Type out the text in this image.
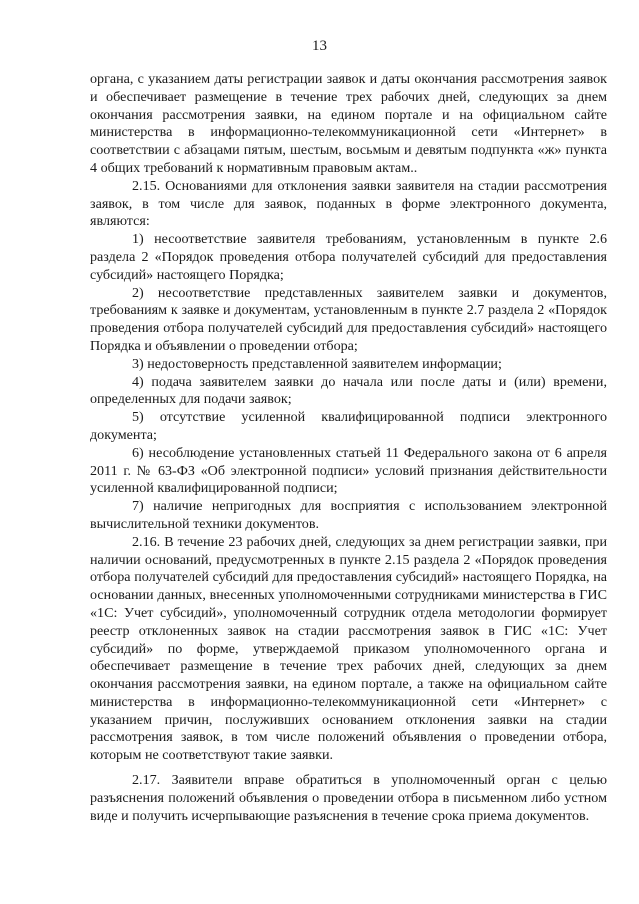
13

органа, с указанием даты регистрации заявок и даты окончания рассмотрения заявок и обеспечивает размещение в течение трех рабочих дней, следующих за днем окончания рассмотрения заявки, на едином портале и на официальном сайте министерства в информационно-телекоммуникационной сети «Интернет» в соответствии с абзацами пятым, шестым, восьмым и девятым подпункта «ж» пункта 4 общих требований к нормативным правовым актам..

2.15. Основаниями для отклонения заявки заявителя на стадии рассмотрения заявок, в том числе для заявок, поданных в форме электронного документа, являются:

1) несоответствие заявителя требованиям, установленным в пункте 2.6 раздела 2 «Порядок проведения отбора получателей субсидий для предоставления субсидий» настоящего Порядка;

2) несоответствие представленных заявителем заявки и документов, требованиям к заявке и документам, установленным в пункте 2.7 раздела 2 «Порядок проведения отбора получателей субсидий для предоставления субсидий» настоящего Порядка и объявлении о проведении отбора;

3) недостоверность представленной заявителем информации;

4) подача заявителем заявки до начала или после даты и (или) времени, определенных для подачи заявок;

5) отсутствие усиленной квалифицированной подписи электронного документа;

6) несоблюдение установленных статьей 11 Федерального закона от 6 апреля 2011 г. № 63-ФЗ «Об электронной подписи» условий признания действительности усиленной квалифицированной подписи;

7) наличие непригодных для восприятия с использованием электронной вычислительной техники документов.

2.16. В течение 23 рабочих дней, следующих за днем регистрации заявки, при наличии оснований, предусмотренных в пункте 2.15 раздела 2 «Порядок проведения отбора получателей субсидий для предоставления субсидий» настоящего Порядка, на основании данных, внесенных уполномоченными сотрудниками министерства в ГИС «1С: Учет субсидий», уполномоченный сотрудник отдела методологии формирует реестр отклоненных заявок на стадии рассмотрения заявок в ГИС «1С: Учет субсидий» по форме, утверждаемой приказом уполномоченного органа и обеспечивает размещение в течение трех рабочих дней, следующих за днем окончания рассмотрения заявки, на едином портале, а также на официальном сайте министерства в информационно-телекоммуникационной сети «Интернет» с указанием причин, послуживших основанием отклонения заявки на стадии рассмотрения заявок, в том числе положений объявления о проведении отбора, которым не соответствуют такие заявки.

2.17. Заявители вправе обратиться в уполномоченный орган с целью разъяснения положений объявления о проведении отбора в письменном либо устном виде и получить исчерпывающие разъяснения в течение срока приема документов.
